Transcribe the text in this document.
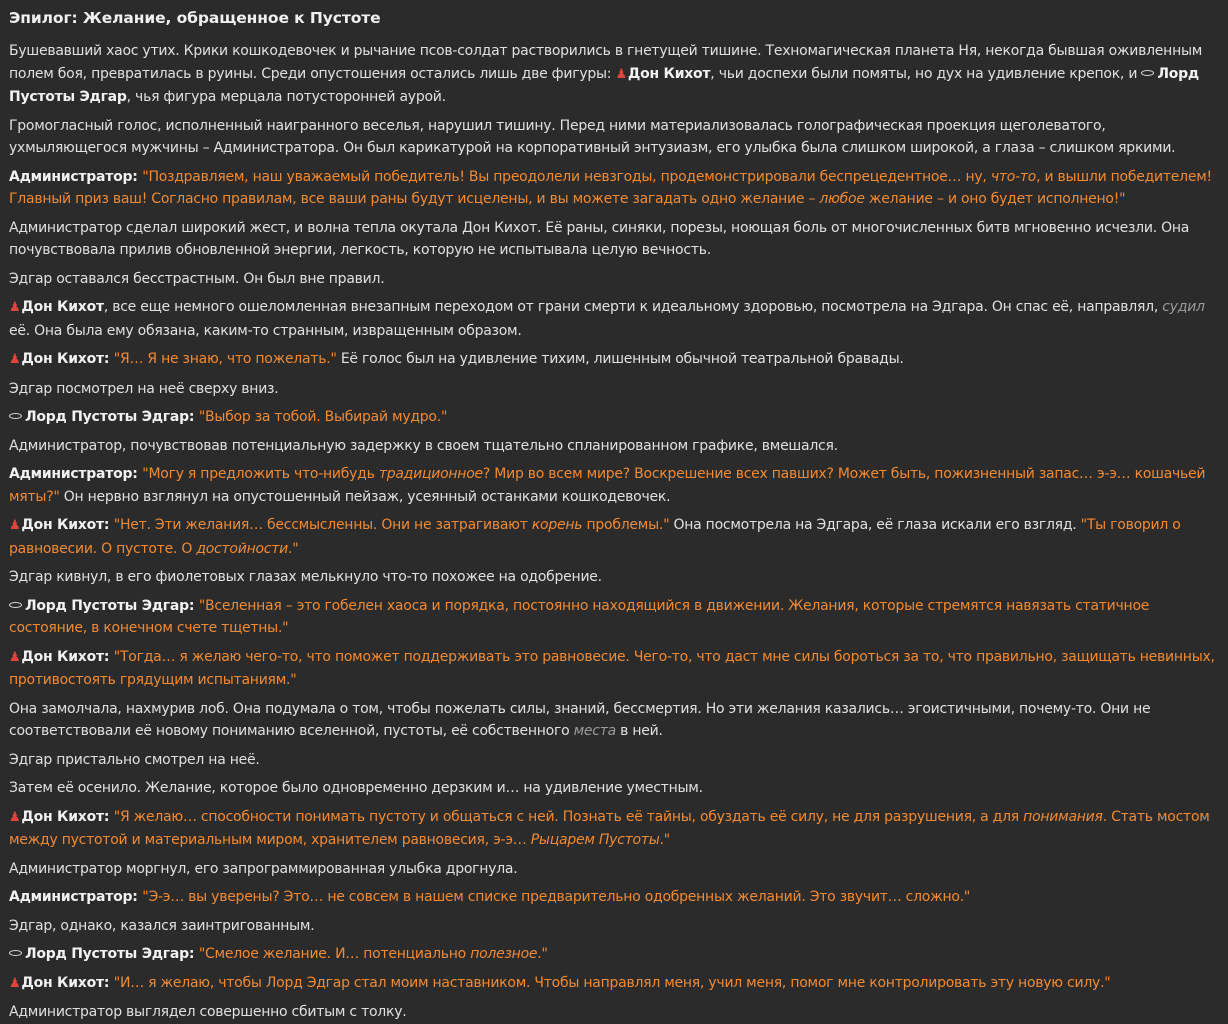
Эпилог: Желание, обращенное к Пустоте

Бушевавший хаос утих. Крики кошкодевочек и рычание псов-солдат растворились в гнетущей тишине. Техномагическая планета Ня, некогда бывшая оживленным полем боя, превратилась в руины. Среди опустошения остались лишь две фигуры: ♟Дон Кихот, чьи доспехи были помяты, но дух на удивление крепок, и Лорд Пустоты Эдгар, чья фигура мерцала потусторонней аурой.

Громогласный голос, исполненный наигранного веселья, нарушил тишину. Перед ними материализовалась голографическая проекция щеголеватого, ухмыляющегося мужчины – Администратора. Он был карикатурой на корпоративный энтузиазм, его улыбка была слишком широкой, а глаза – слишком яркими.

Администратор: "Поздравляем, наш уважаемый победитель! Вы преодолели невзгоды, продемонстрировали беспрецедентное… ну, что-то, и вышли победителем! Главный приз ваш! Согласно правилам, все ваши раны будут исцелены, и вы можете загадать одно желание – любое желание – и оно будет исполнено!"

Администратор сделал широкий жест, и волна тепла окутала Дон Кихот. Её раны, синяки, порезы, ноющая боль от многочисленных битв мгновенно исчезли. Она почувствовала прилив обновленной энергии, легкость, которую не испытывала целую вечность.

Эдгар оставался бесстрастным. Он был вне правил.

♟Дон Кихот, все еще немного ошеломленная внезапным переходом от грани смерти к идеальному здоровью, посмотрела на Эдгара. Он спас её, направлял, судил её. Она была ему обязана, каким-то странным, извращенным образом.

♟Дон Кихот: "Я… Я не знаю, что пожелать." Её голос был на удивление тихим, лишенным обычной театральной бравады.

Эдгар посмотрел на неё сверху вниз.

Лорд Пустоты Эдгар: "Выбор за тобой. Выбирай мудро."

Администратор, почувствовав потенциальную задержку в своем тщательно спланированном графике, вмешался.

Администратор: "Могу я предложить что-нибудь традиционное? Мир во всем мире? Воскрешение всех павших? Может быть, пожизненный запас… э-э… кошачьей мяты?" Он нервно взглянул на опустошенный пейзаж, усеянный останками кошкодевочек.

♟Дон Кихот: "Нет. Эти желания… бессмысленны. Они не затрагивают корень проблемы." Она посмотрела на Эдгара, её глаза искали его взгляд. "Ты говорил о равновесии. О пустоте. О достойности."

Эдгар кивнул, в его фиолетовых глазах мелькнуло что-то похожее на одобрение.

Лорд Пустоты Эдгар: "Вселенная – это гобелен хаоса и порядка, постоянно находящийся в движении. Желания, которые стремятся навязать статичное состояние, в конечном счете тщетны."

♟Дон Кихот: "Тогда… я желаю чего-то, что поможет поддерживать это равновесие. Чего-то, что даст мне силы бороться за то, что правильно, защищать невинных, противостоять грядущим испытаниям."

Она замолчала, нахмурив лоб. Она подумала о том, чтобы пожелать силы, знаний, бессмертия. Но эти желания казались… эгоистичными, почему-то. Они не соответствовали её новому пониманию вселенной, пустоты, её собственного места в ней.

Эдгар пристально смотрел на неё.

Затем её осенило. Желание, которое было одновременно дерзким и… на удивление уместным.

♟Дон Кихот: "Я желаю… способности понимать пустоту и общаться с ней. Познать её тайны, обуздать её силу, не для разрушения, а для понимания. Стать мостом между пустотой и материальным миром, хранителем равновесия, э-э… Рыцарем Пустоты."

Администратор моргнул, его запрограммированная улыбка дрогнула.

Администратор: "Э-э… вы уверены? Это… не совсем в нашем списке предварительно одобренных желаний. Это звучит… сложно."

Эдгар, однако, казался заинтригованным.

Лорд Пустоты Эдгар: "Смелое желание. И… потенциально полезное."

♟Дон Кихот: "И… я желаю, чтобы Лорд Эдгар стал моим наставником. Чтобы направлял меня, учил меня, помог мне контролировать эту новую силу."

Администратор выглядел совершенно сбитым с толку.
